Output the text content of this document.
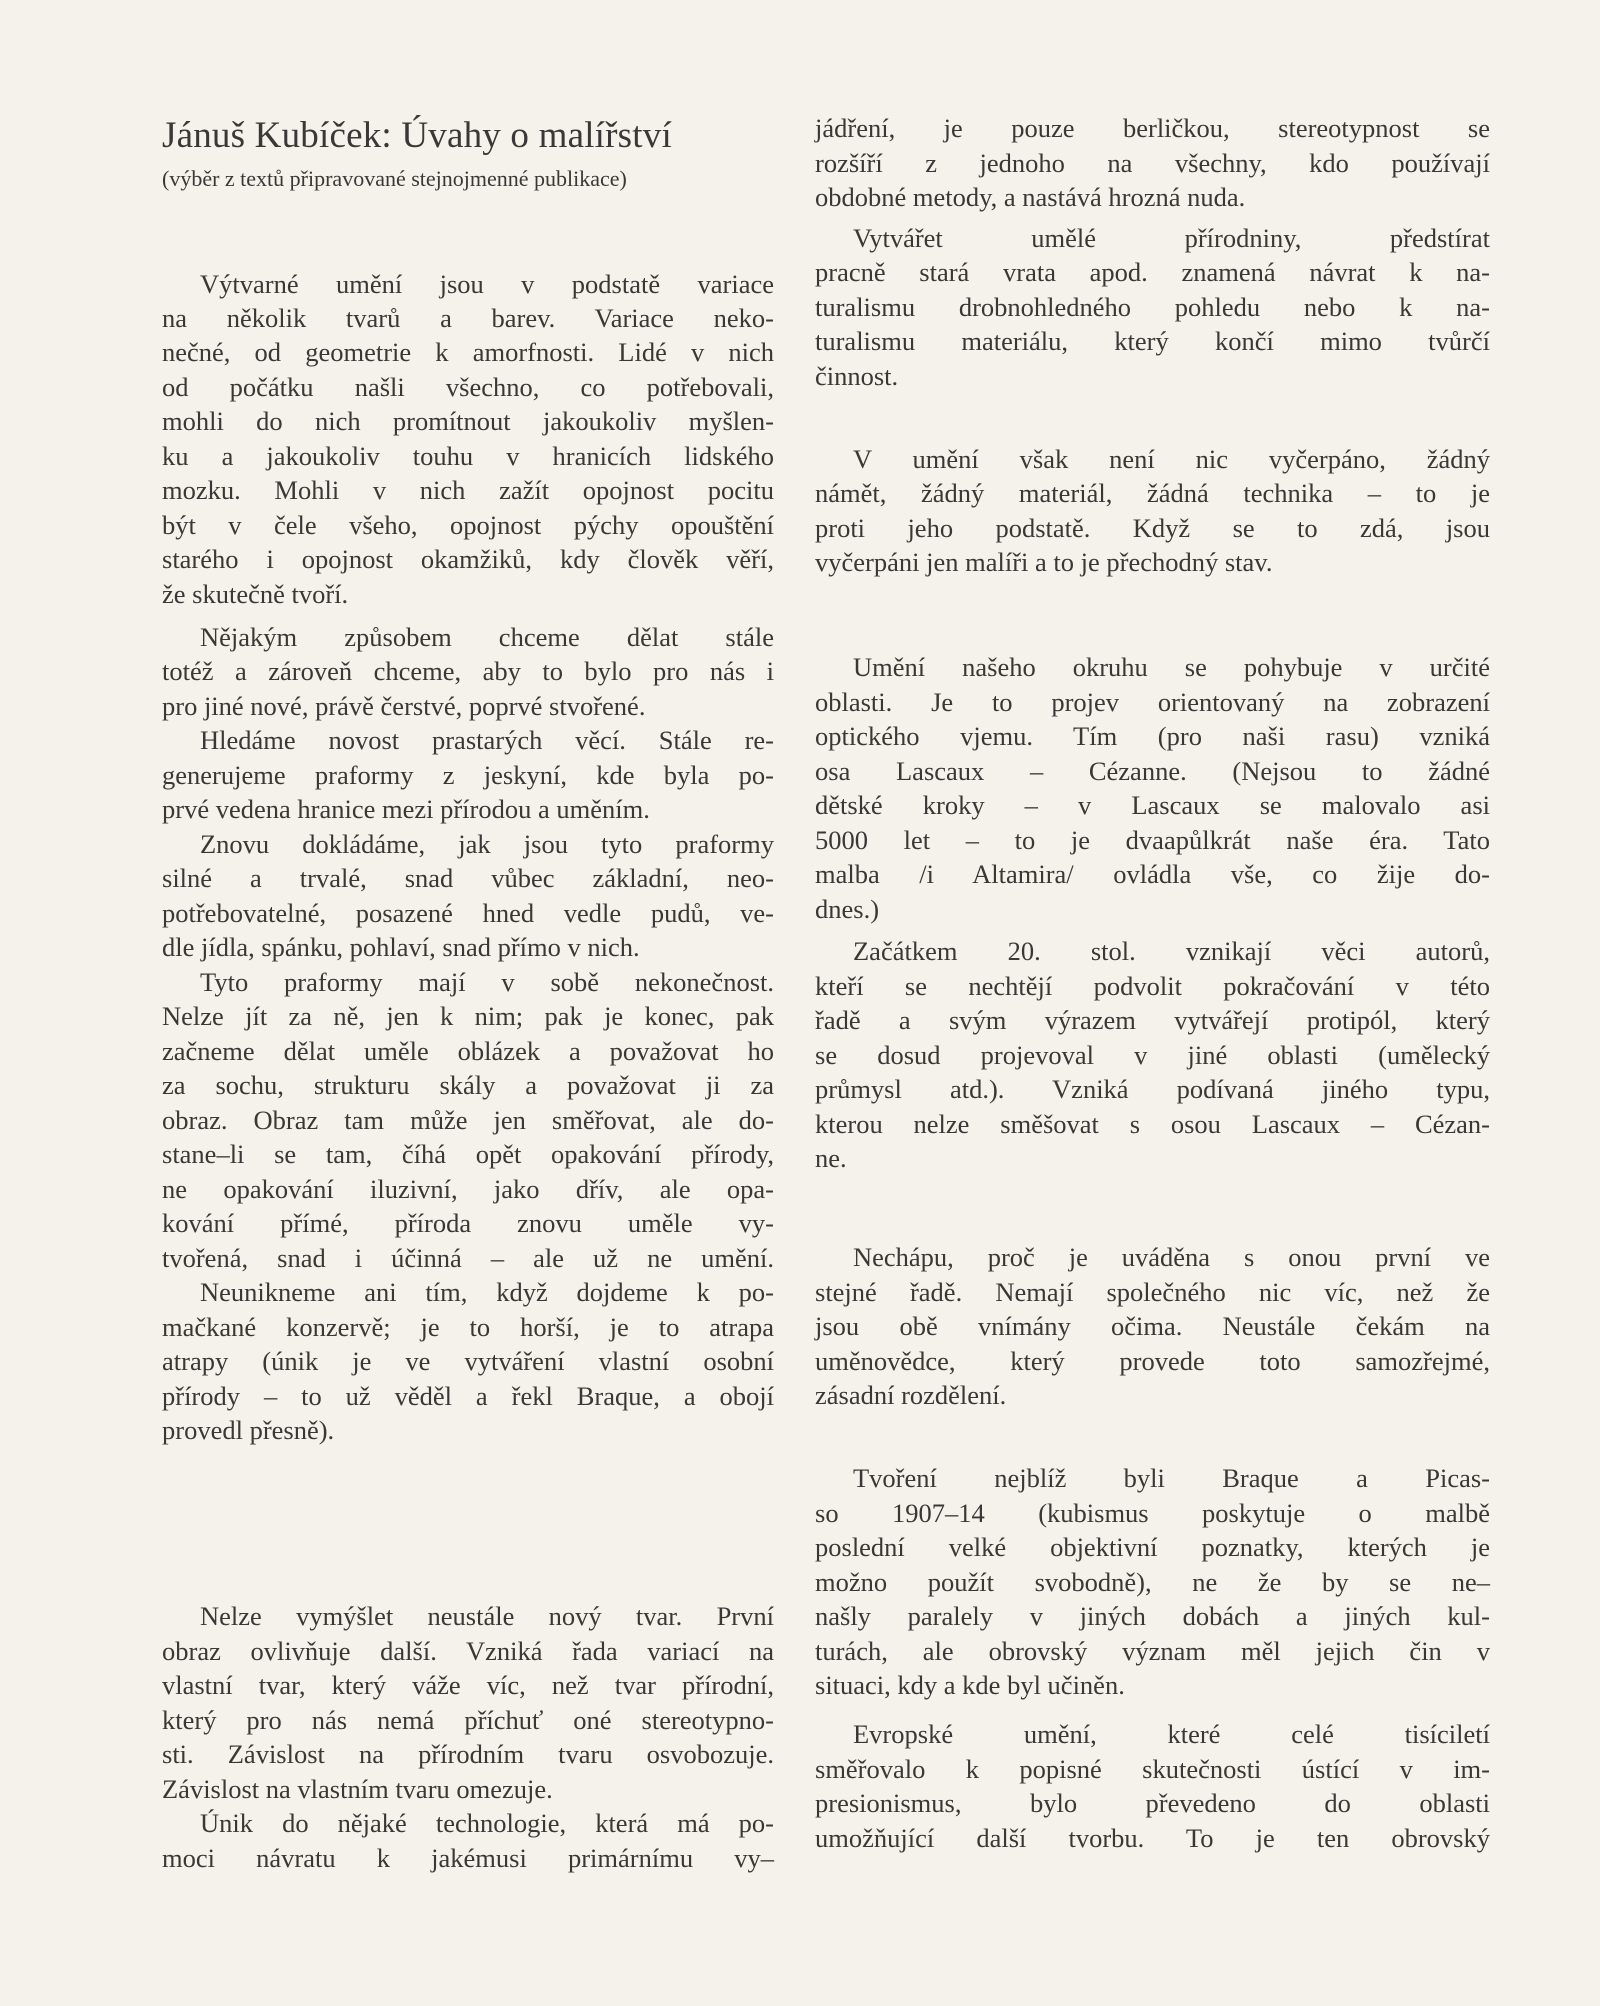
Jánuš Kubíček: Úvahy o malířství
(výběr z textů připravované stejnojmenné publikace)
Výtvarné umění jsou v podstatě variace
na několik tvarů a barev. Variace neko-
nečné, od geometrie k amorfnosti. Lidé v nich
od počátku našli všechno, co potřebovali,
mohli do nich promítnout jakoukoliv myšlen-
ku a jakoukoliv touhu v hranicích lidského
mozku. Mohli v nich zažít opojnost pocitu
být v čele všeho, opojnost pýchy opouštění
starého i opojnost okamžiků, kdy člověk věří,
že skutečně tvoří.
Nějakým způsobem chceme dělat stále
totéž a zároveň chceme, aby to bylo pro nás i
pro jiné nové, právě čerstvé, poprvé stvořené.
Hledáme novost prastarých věcí. Stále re-
generujeme praformy z jeskyní, kde byla po-
prvé vedena hranice mezi přírodou a uměním.
Znovu dokládáme, jak jsou tyto praformy
silné a trvalé, snad vůbec základní, neo-
potřebovatelné, posazené hned vedle pudů, ve-
dle jídla, spánku, pohlaví, snad přímo v nich.
Tyto praformy mají v sobě nekonečnost.
Nelze jít za ně, jen k nim; pak je konec, pak
začneme dělat uměle oblázek a považovat ho
za sochu, strukturu skály a považovat ji za
obraz. Obraz tam může jen směřovat, ale do-
stane–li se tam, číhá opět opakování přírody,
ne opakování iluzivní, jako dřív, ale opa-
kování přímé, příroda znovu uměle vy-
tvořená, snad i účinná – ale už ne umění.
Neunikneme ani tím, když dojdeme k po-
mačkané konzervě; je to horší, je to atrapa
atrapy (únik je ve vytváření vlastní osobní
přírody – to už věděl a řekl Braque, a obojí
provedl přesně).
Nelze vymýšlet neustále nový tvar. První
obraz ovlivňuje další. Vzniká řada variací na
vlastní tvar, který váže víc, než tvar přírodní,
který pro nás nemá příchuť oné stereotypno-
sti. Závislost na přírodním tvaru osvobozuje.
Závislost na vlastním tvaru omezuje.
Únik do nějaké technologie, která má po-
moci návratu k jakémusi primárnímu vy–
jádření, je pouze berličkou, stereotypnost se
rozšíří z jednoho na všechny, kdo používají
obdobné metody, a nastává hrozná nuda.
Vytvářet umělé přírodniny, předstírat
pracně stará vrata apod. znamená návrat k na-
turalismu drobnohledného pohledu nebo k na-
turalismu materiálu, který končí mimo tvůrčí
činnost.
V umění však není nic vyčerpáno, žádný
námět, žádný materiál, žádná technika – to je
proti jeho podstatě. Když se to zdá, jsou
vyčerpáni jen malíři a to je přechodný stav.
Umění našeho okruhu se pohybuje v určité
oblasti. Je to projev orientovaný na zobrazení
optického vjemu. Tím (pro naši rasu) vzniká
osa Lascaux – Cézanne. (Nejsou to žádné
dětské kroky – v Lascaux se malovalo asi
5000 let – to je dvaapůlkrát naše éra. Tato
malba /i Altamira/ ovládla vše, co žije do-
dnes.)
Začátkem 20. stol. vznikají věci autorů,
kteří se nechtějí podvolit pokračování v této
řadě a svým výrazem vytvářejí protipól, který
se dosud projevoval v jiné oblasti (umělecký
průmysl atd.). Vzniká podívaná jiného typu,
kterou nelze směšovat s osou Lascaux – Cézan-
ne.
Nechápu, proč je uváděna s onou první ve
stejné řadě. Nemají společného nic víc, než že
jsou obě vnímány očima. Neustále čekám na
uměnovědce, který provede toto samozřejmé,
zásadní rozdělení.
Tvoření nejblíž byli Braque a Picas-
so 1907–14 (kubismus poskytuje o malbě
poslední velké objektivní poznatky, kterých je
možno použít svobodně), ne že by se ne–
našly paralely v jiných dobách a jiných kul-
turách, ale obrovský význam měl jejich čin v
situaci, kdy a kde byl učiněn.
Evropské umění, které celé tisíciletí
směřovalo k popisné skutečnosti ústící v im-
presionismus, bylo převedeno do oblasti
umožňující další tvorbu. To je ten obrovský
